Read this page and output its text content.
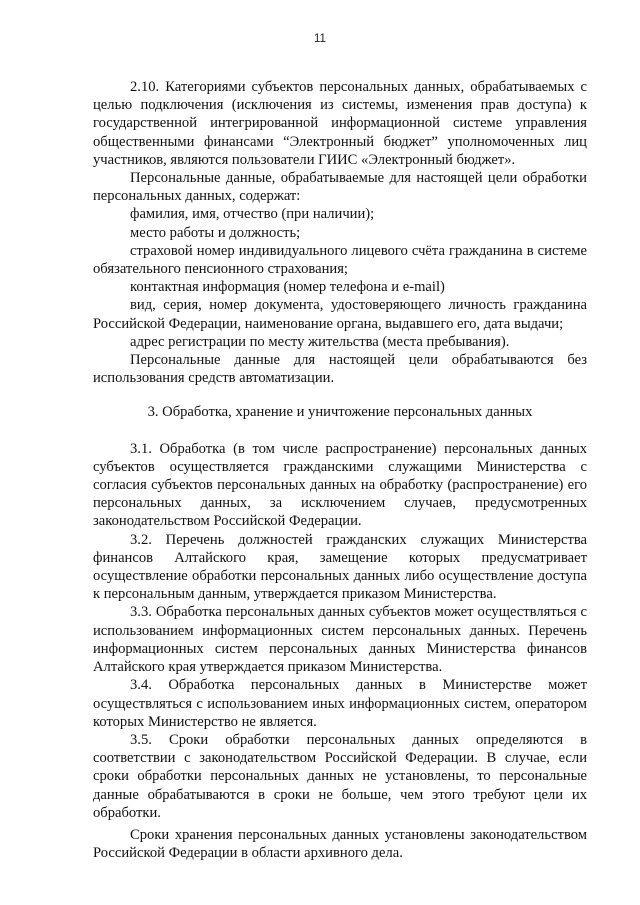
11

2.10. Категориями субъектов персональных данных, обрабатываемых с целью подключения (исключения из системы, изменения прав доступа) к государственной интегрированной информационной системе управления общественными финансами “Электронный бюджет” уполномоченных лиц участников, являются пользователи ГИИС «Электронный бюджет».

Персональные данные, обрабатываемые для настоящей цели обработки персональных данных, содержат:

фамилия, имя, отчество (при наличии);

место работы и должность;

страховой номер индивидуального лицевого счёта гражданина в системе обязательного пенсионного страхования;

контактная информация (номер телефона и e-mail)

вид, серия, номер документа, удостоверяющего личность гражданина Российской Федерации, наименование органа, выдавшего его, дата выдачи;

адрес регистрации по месту жительства (места пребывания).

Персональные данные для настоящей цели обрабатываются без использования средств автоматизации.

3. Обработка, хранение и уничтожение персональных данных

3.1. Обработка (в том числе распространение) персональных данных субъектов осуществляется гражданскими служащими Министерства с согласия субъектов персональных данных на обработку (распространение) его персональных данных, за исключением случаев, предусмотренных законодательством Российской Федерации.

3.2. Перечень должностей гражданских служащих Министерства финансов Алтайского края, замещение которых предусматривает осуществление обработки персональных данных либо осуществление доступа к персональным данным, утверждается приказом Министерства.

3.3. Обработка персональных данных субъектов может осуществляться с использованием информационных систем персональных данных. Перечень информационных систем персональных данных Министерства финансов Алтайского края утверждается приказом Министерства.

3.4. Обработка персональных данных в Министерстве может осуществляться с использованием иных информационных систем, оператором которых Министерство не является.

3.5. Сроки обработки персональных данных определяются в соответствии с законодательством Российской Федерации. В случае, если сроки обработки персональных данных не установлены, то персональные данные обрабатываются в сроки не больше, чем этого требуют цели их обработки.

Сроки хранения персональных данных установлены законодательством Российской Федерации в области архивного дела.
